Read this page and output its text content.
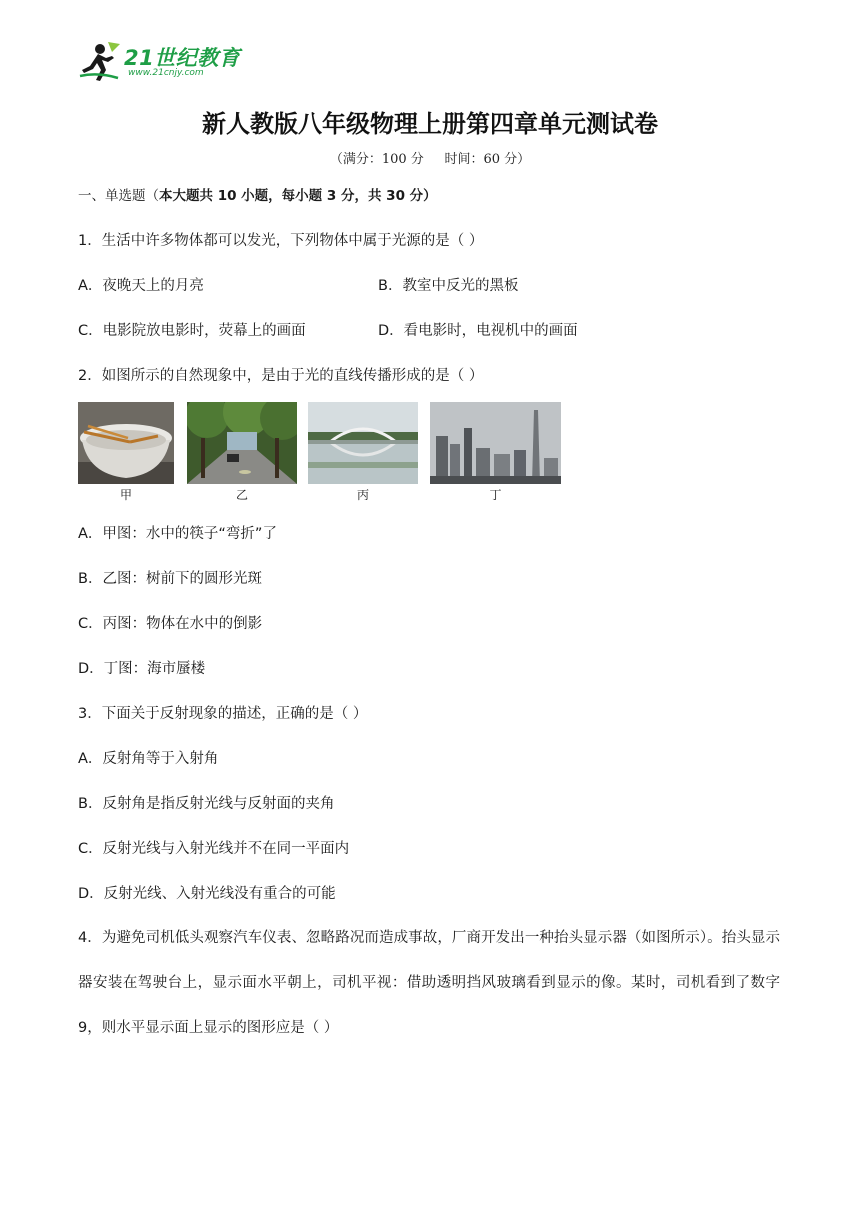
21世纪教育
www.21cnjy.com
新人教版八年级物理上册第四章单元测试卷
（满分：100 分     时间：60 分）
一、单选题（本大题共 10 小题，每小题 3 分，共 30 分）
1．生活中许多物体都可以发光，下列物体中属于光源的是（ ）
A．夜晚天上的月亮	B．教室中反光的黑板
C．电影院放电影时，荧幕上的画面	D．看电影时，电视机中的画面
2．如图所示的自然现象中，是由于光的直线传播形成的是（ ）
甲	乙	丙	丁
A．甲图：水中的筷子“弯折”了
B．乙图：树前下的圆形光斑
C．丙图：物体在水中的倒影
D．丁图：海市蜃楼
3．下面关于反射现象的描述，正确的是（ ）
A．反射角等于入射角
B．反射角是指反射光线与反射面的夹角
C．反射光线与入射光线并不在同一平面内
D．反射光线、入射光线没有重合的可能
4．为避免司机低头观察汽车仪表、忽略路况而造成事故，厂商开发出一种抬头显示器（如图所示）。抬头显示器安装在驾驶台上，显示面水平朝上，司机平视：借助透明挡风玻璃看到显示的像。某时，司机看到了数字 9，则水平显示面上显示的图形应是（ ）
